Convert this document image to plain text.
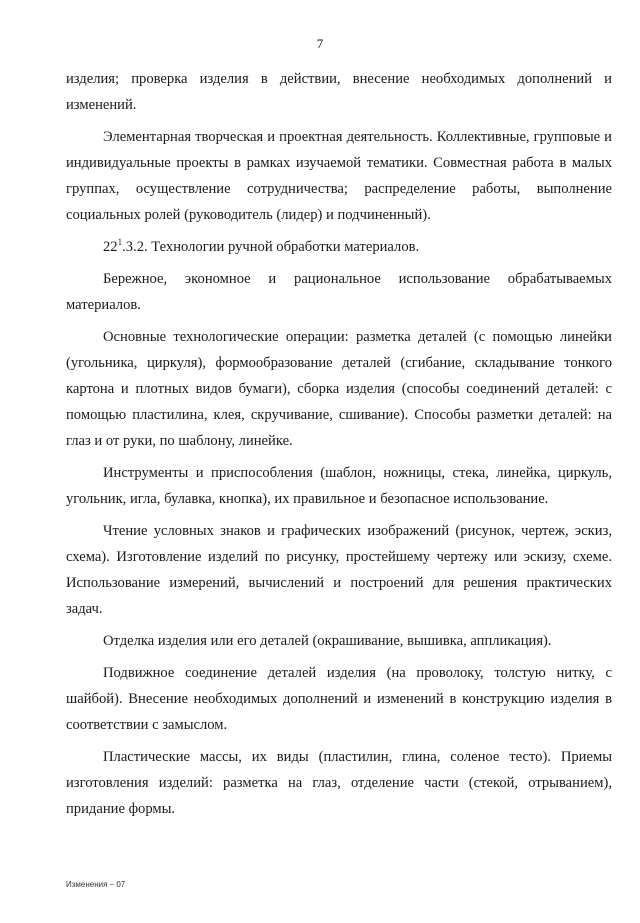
7

изделия; проверка изделия в действии, внесение необходимых дополнений и изменений.

Элементарная творческая и проектная деятельность. Коллективные, групповые и индивидуальные проекты в рамках изучаемой тематики. Совместная работа в малых группах, осуществление сотрудничества; распределение работы, выполнение социальных ролей (руководитель (лидер) и подчиненный).

$22^1.3.2$. Технологии ручной обработки материалов.

Бережное, экономное и рациональное использование обрабатываемых материалов.

Основные технологические операции: разметка деталей (с помощью линейки (угольника, циркуля), формообразование деталей (сгибание, складывание тонкого картона и плотных видов бумаги), сборка изделия (способы соединений деталей: с помощью пластилина, клея, скручивание, сшивание). Способы разметки деталей: на глаз и от руки, по шаблону, линейке.

Инструменты и приспособления (шаблон, ножницы, стека, линейка, циркуль, угольник, игла, булавка, кнопка), их правильное и безопасное использование.

Чтение условных знаков и графических изображений (рисунок, чертеж, эскиз, схема). Изготовление изделий по рисунку, простейшему чертежу или эскизу, схеме. Использование измерений, вычислений и построений для решения практических задач.

Отделка изделия или его деталей (окрашивание, вышивка, аппликация).

Подвижное соединение деталей изделия (на проволоку, толстую нитку, с шайбой). Внесение необходимых дополнений и изменений в конструкцию изделия в соответствии с замыслом.

Пластические массы, их виды (пластилин, глина, соленое тесто). Приемы изготовления изделий: разметка на глаз, отделение части (стекой, отрыванием), придание формы.

Изменения – 07
